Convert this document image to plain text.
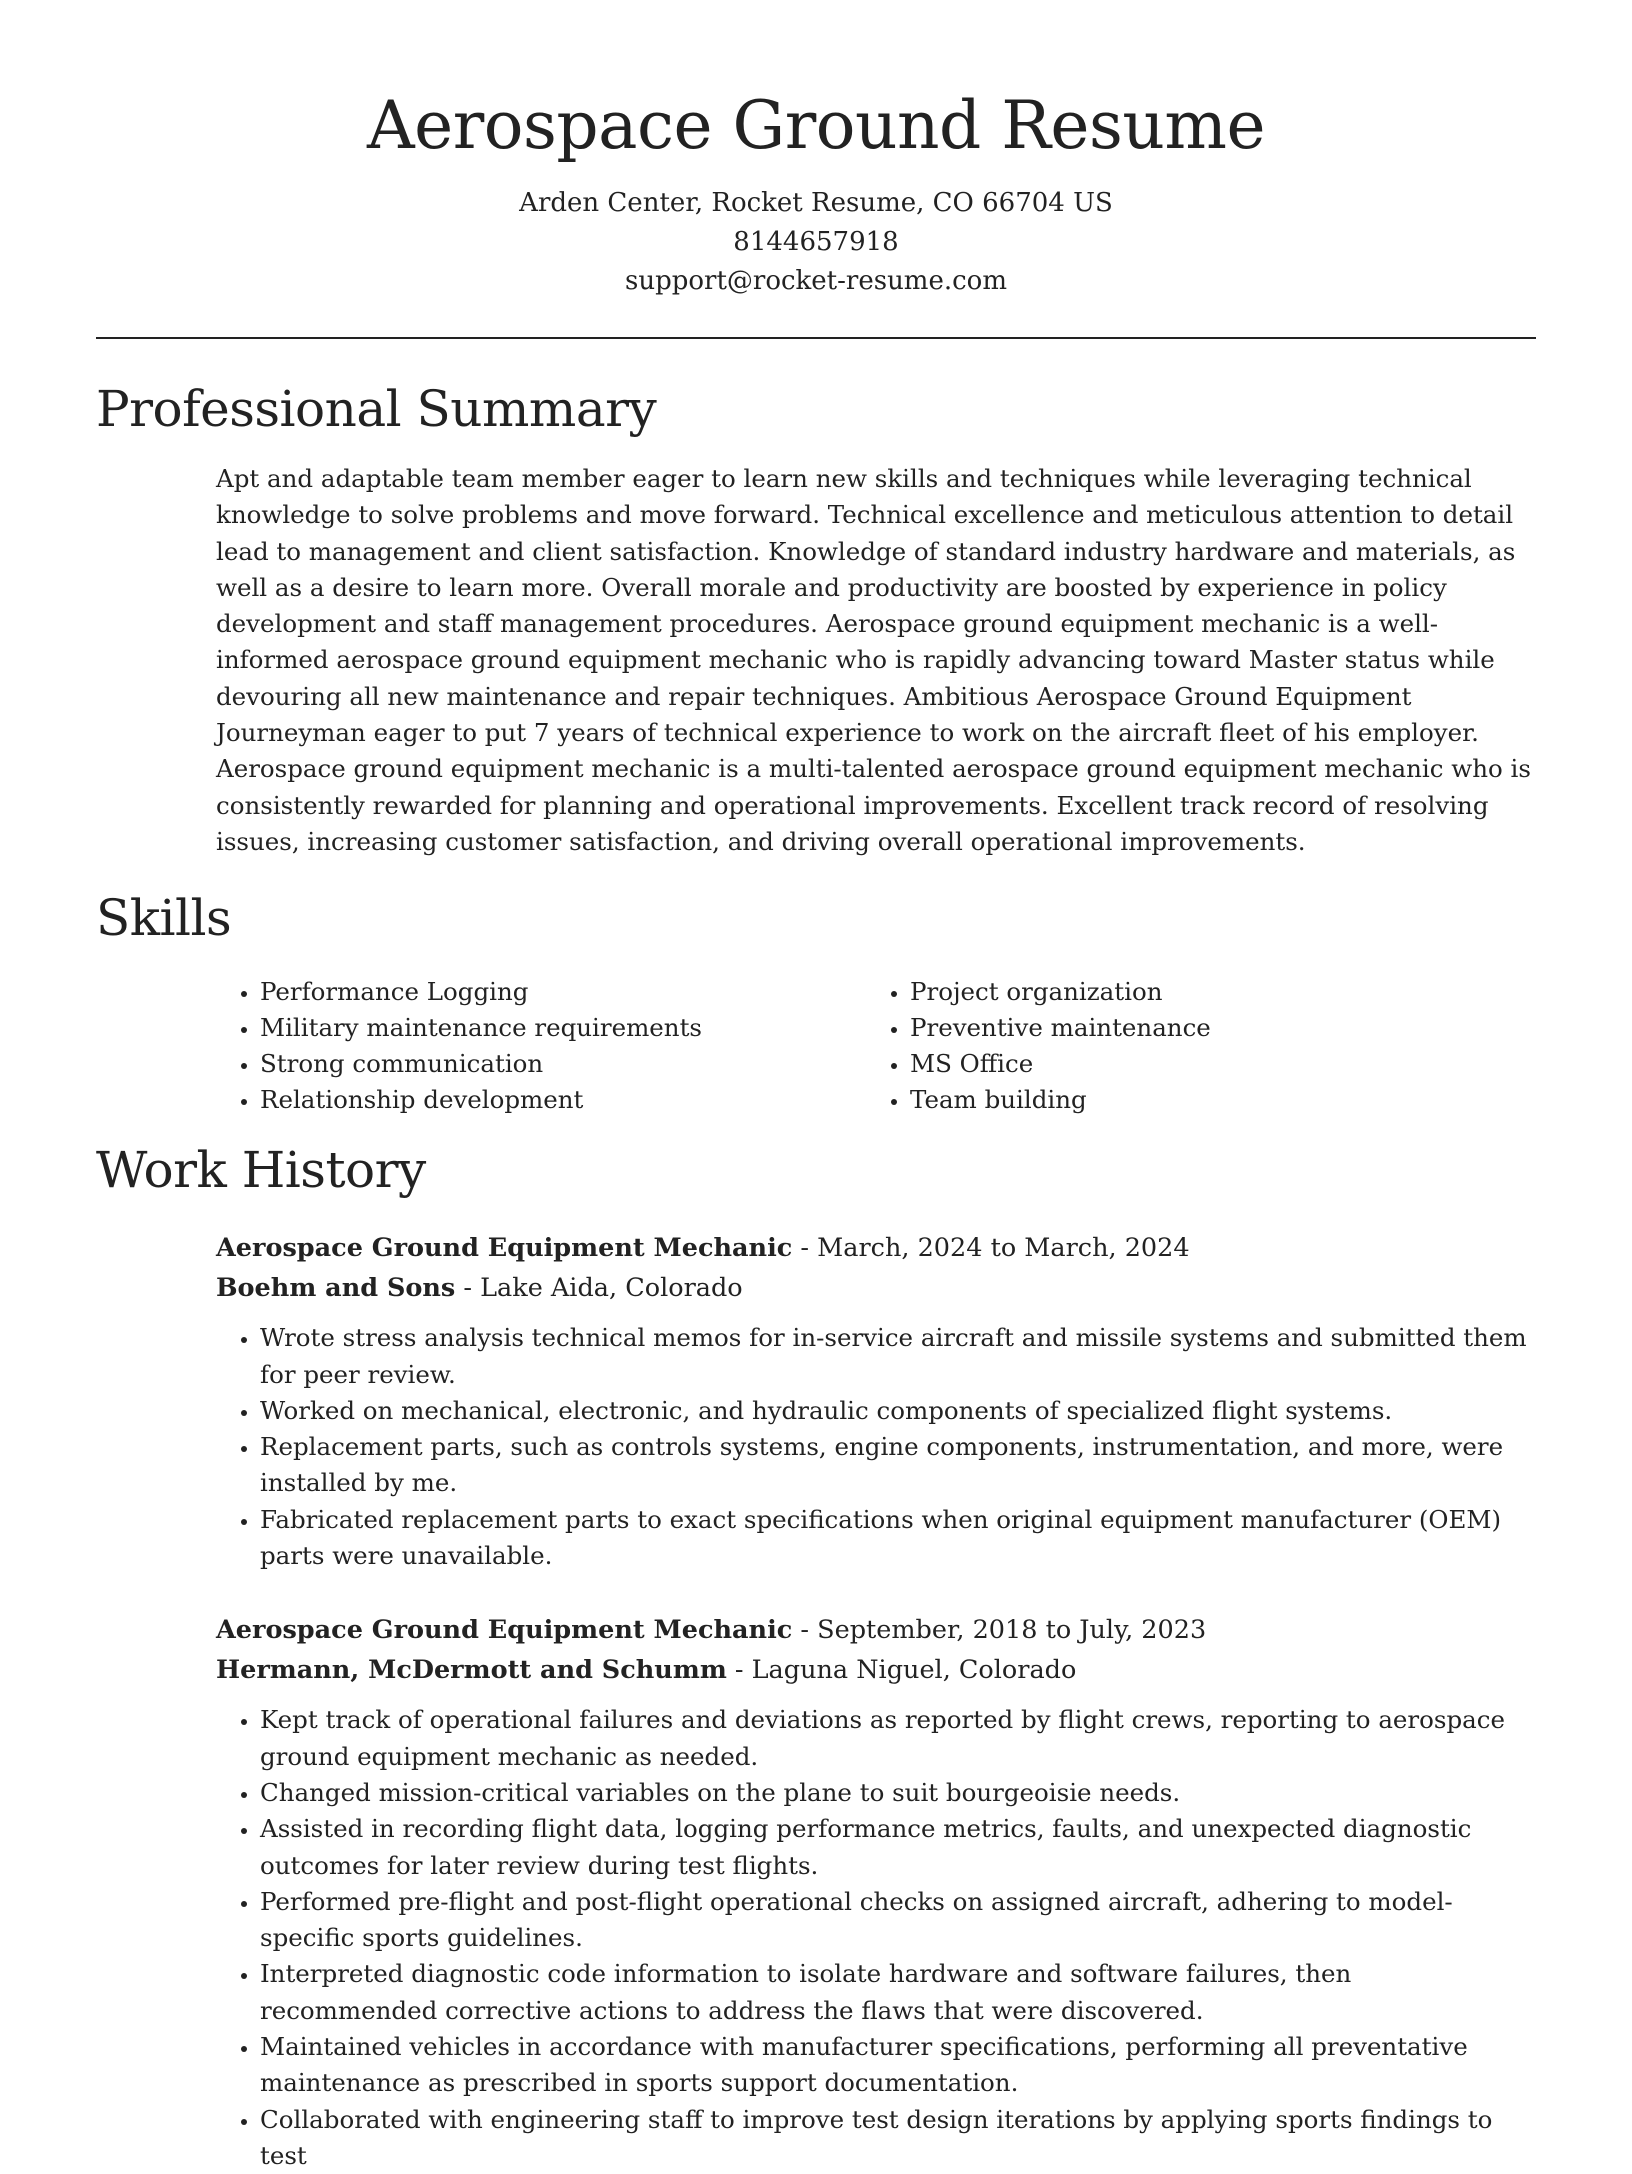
Aerospace Ground Resume
Arden Center, Rocket Resume, CO 66704 US
8144657918
support@rocket-resume.com
Professional Summary

Apt and adaptable team member eager to learn new skills and techniques while leveraging technical knowledge to solve problems and move forward. Technical excellence and meticulous attention to detail lead to management and client satisfaction. Knowledge of standard industry hardware and materials, as well as a desire to learn more. Overall morale and productivity are boosted by experience in policy development and staff management procedures. Aerospace ground equipment mechanic is a well-informed aerospace ground equipment mechanic who is rapidly advancing toward Master status while devouring all new maintenance and repair techniques. Ambitious Aerospace Ground Equipment Journeyman eager to put 7 years of technical experience to work on the aircraft fleet of his employer. Aerospace ground equipment mechanic is a multi-talented aerospace ground equipment mechanic who is consistently rewarded for planning and operational improvements. Excellent track record of resolving issues, increasing customer satisfaction, and driving overall operational improvements.

Skills
• Performance Logging
• Military maintenance requirements
• Strong communication
• Relationship development
• Project organization
• Preventive maintenance
• MS Office
• Team building
Work History
Aerospace Ground Equipment Mechanic - March, 2024 to March, 2024
Boehm and Sons - Lake Aida, Colorado
• Wrote stress analysis technical memos for in-service aircraft and missile systems and submitted them for peer review.
• Worked on mechanical, electronic, and hydraulic components of specialized flight systems.
• Replacement parts, such as controls systems, engine components, instrumentation, and more, were installed by me.
• Fabricated replacement parts to exact specifications when original equipment manufacturer (OEM) parts were unavailable.
Aerospace Ground Equipment Mechanic - September, 2018 to July, 2023
Hermann, McDermott and Schumm - Laguna Niguel, Colorado
• Kept track of operational failures and deviations as reported by flight crews, reporting to aerospace ground equipment mechanic as needed.
• Changed mission-critical variables on the plane to suit bourgeoisie needs.
• Assisted in recording flight data, logging performance metrics, faults, and unexpected diagnostic outcomes for later review during test flights.
• Performed pre-flight and post-flight operational checks on assigned aircraft, adhering to model-specific sports guidelines.
• Interpreted diagnostic code information to isolate hardware and software failures, then recommended corrective actions to address the flaws that were discovered.
• Maintained vehicles in accordance with manufacturer specifications, performing all preventative maintenance as prescribed in sports support documentation.
• Collaborated with engineering staff to improve test design iterations by applying sports findings to test
